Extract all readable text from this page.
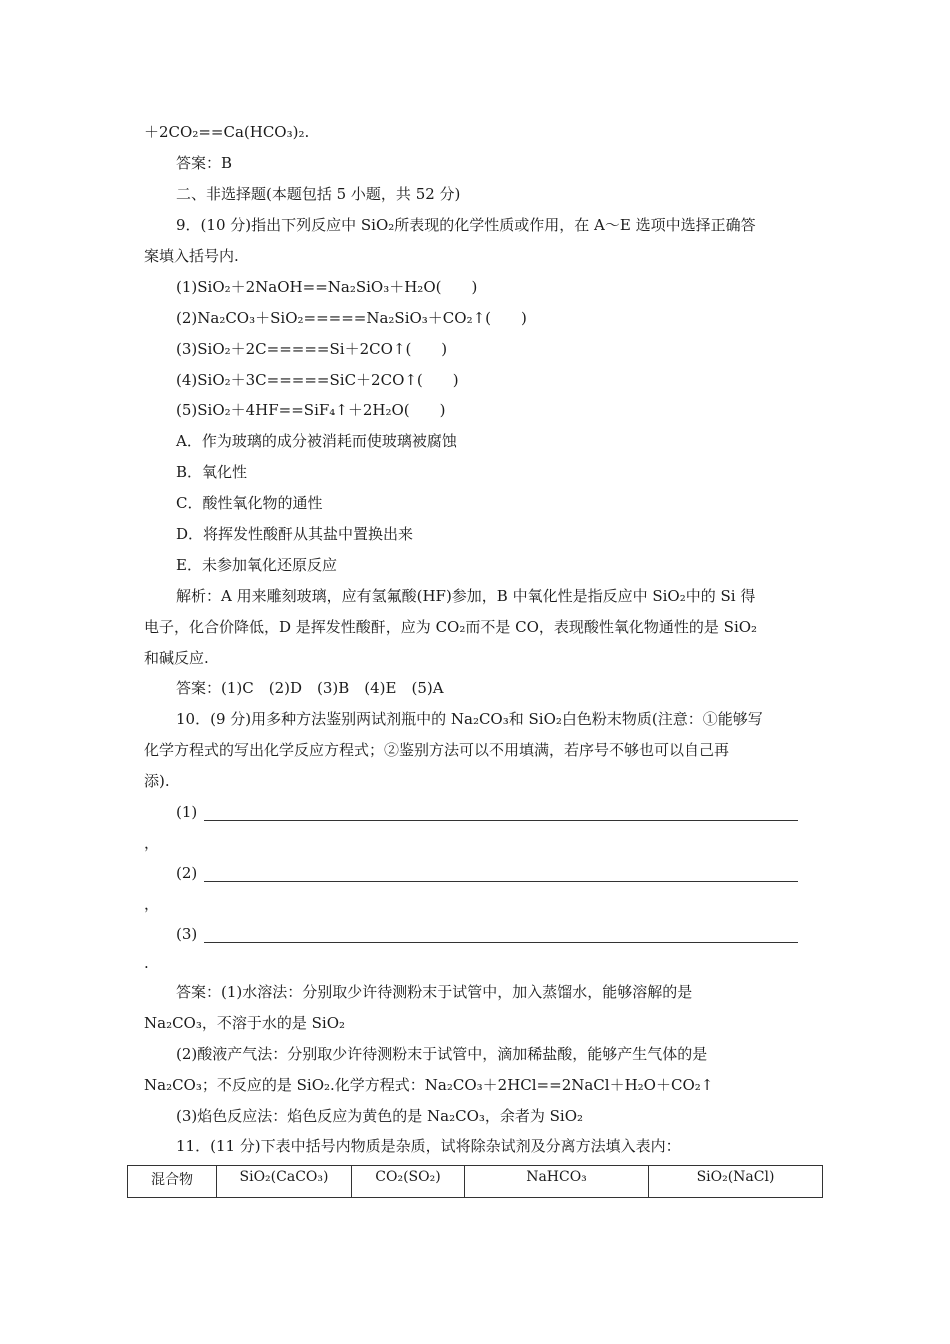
＋2CO₂==Ca(HCO₃)₂.
答案：B
二、非选择题(本题包括 5 小题，共 52 分)
9．(10 分)指出下列反应中 SiO₂所表现的化学性质或作用，在 A～E 选项中选择正确答
案填入括号内.
(1)SiO₂＋2NaOH==Na₂SiO₃＋H₂O(　　)
(2)Na₂CO₃＋SiO₂=====Na₂SiO₃＋CO₂↑(　　)
(3)SiO₂＋2C=====Si＋2CO↑(　　)
(4)SiO₂＋3C=====SiC＋2CO↑(　　)
(5)SiO₂＋4HF==SiF₄↑＋2H₂O(　　)
A．作为玻璃的成分被消耗而使玻璃被腐蚀
B．氧化性
C．酸性氧化物的通性
D．将挥发性酸酐从其盐中置换出来
E．未参加氧化还原反应
解析：A 用来雕刻玻璃，应有氢氟酸(HF)参加，B 中氧化性是指反应中 SiO₂中的 Si 得
电子，化合价降低，D 是挥发性酸酐，应为 CO₂而不是 CO，表现酸性氧化物通性的是 SiO₂
和碱反应.
答案：(1)C　(2)D　(3)B　(4)E　(5)A
10．(9 分)用多种方法鉴别两试剂瓶中的 Na₂CO₃和 SiO₂白色粉末物质(注意：①能够写
化学方程式的写出化学反应方程式；②鉴别方法可以不用填满，若序号不够也可以自己再
添).
(1)
，
(2)
，
(3)
.
答案：(1)水溶法：分别取少许待测粉末于试管中，加入蒸馏水，能够溶解的是
Na₂CO₃，不溶于水的是 SiO₂
(2)酸液产气法：分别取少许待测粉末于试管中，滴加稀盐酸，能够产生气体的是
Na₂CO₃；不反应的是 SiO₂.化学方程式：Na₂CO₃＋2HCl==2NaCl＋H₂O＋CO₂↑
(3)焰色反应法：焰色反应为黄色的是 Na₂CO₃，余者为 SiO₂
11．(11 分)下表中括号内物质是杂质，试将除杂试剂及分离方法填入表内：
混合物	SiO₂(CaCO₃)	CO₂(SO₂)	NaHCO₃	SiO₂(NaCl)
